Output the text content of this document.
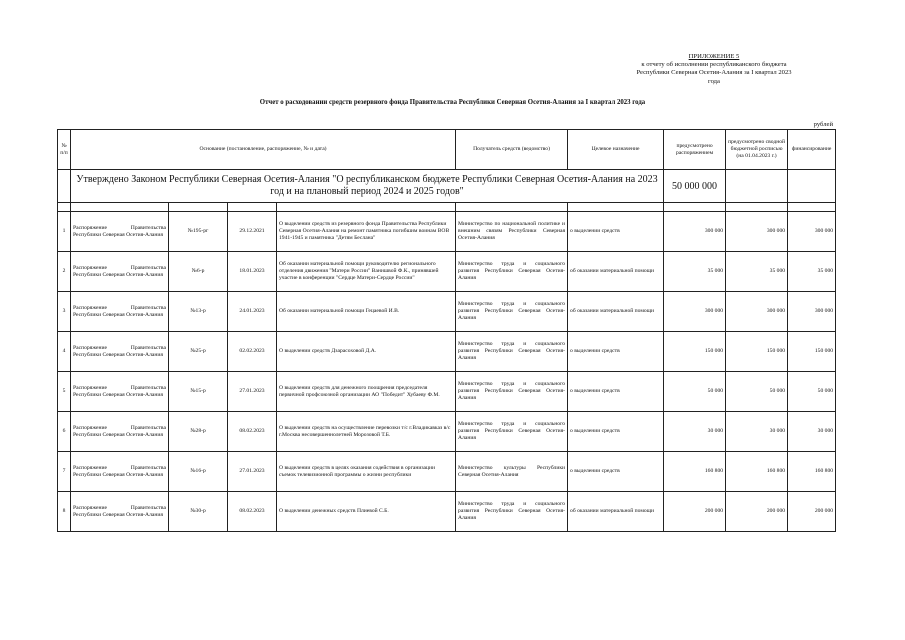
ПРИЛОЖЕНИЕ 5
к отчету об исполнении республиканского бюджета
Республики Северная Осетия-Алания за I квартал 2023
года
Отчет о расходовании средств резервного фонда Правительства Республики Северная Осетия-Алания за I квартал 2023 года
рублей
№ п/п	Основание (постановление, распоряжение, № и дата)				Получатель средств (ведомство)	Целевое назначение	предусмотрено распоряжением	предусмотрено сводной бюджетной росписью (на 01.04.2023 г.)	финансирование
	Утверждено Законом Республики Северная Осетия-Алания "О республиканском бюджете Республики Северная Осетия-Алания на 2023 год и на плановый период 2024 и 2025 годов"						50 000 000		

1	Распоряжение Правительства Республики Северная Осетия-Алания	№195-рг	29.12.2021	О выделении средств из резервного фонда Правительства Республики Северная Осетия-Алания на ремонт памятника погибшим воинам ВОВ 1941-1945 и памятника "Детям Беслана"	Министерство по национальной политике и внешним связям Республики Северная Осетия-Алания	о выделении средств	300 000	300 000	300 000
2	Распоряжение Правительства Республики Северная Осетия-Алания	№6-р	18.01.2023	Об оказании материальной помощи руководителю регионального отделения движения "Матери России" Ванишвой Ф.К., принявшей участие в конференции "Сердце Матери-Сердце России"	Министерство труда и социального развития Республики Северная Осетия-Алания	об оказании материальной помощи	35 000	35 000	35 000
3	Распоряжение Правительства Республики Северная Осетия-Алания	№13-р	24.01.2023	Об оказании материальной помощи Гецаевой И.В.	Министерство труда и социального развития Республики Северная Осетия-Алания	об оказании материальной помощи	300 000	300 000	300 000
4	Распоряжение Правительства Республики Северная Осетия-Алания	№25-р	02.02.2023	О выделении средств Дзарасоховой Д.А.	Министерство труда и социального развития Республики Северная Осетия-Алания	о выделении средств	150 000	150 000	150 000
5	Распоряжение Правительства Республики Северная Осетия-Алания	№15-р	27.01.2023	О выделении средств для денежного поощрения председателя первичной профсоюзной организации АО "Победит" Хубаеву Ф.М.	Министерство труда и социального развития Республики Северная Осетия-Алания	о выделении средств	50 000	50 000	50 000
6	Распоряжение Правительства Республики Северная Осетия-Алания	№28-р	08.02.2023	О выделении средств на осуществление перевозки т/с г.Владикавказ в/с г.Москва несовершеннолетней Морозовой Т.Б.	Министерство труда и социального развития Республики Северная Осетия-Алания	о выделении средств	30 000	30 000	30 000
7	Распоряжение Правительства Республики Северная Осетия-Алания	№16-р	27.01.2023	О выделении средств в целях оказания содействия в организации съемок телевизионной программы о жизни республики	Министерство культуры Республики Северная Осетия-Алания	о выделении средств	160 800	160 800	160 800
8	Распоряжение Правительства Республики Северная Осетия-Алания	№30-р	08.02.2023	О выделении денежных средств Плиевой С.Б.	Министерство труда и социального развития Республики Северная Осетия-Алания	об оказании материальной помощи	200 000	200 000	200 000
